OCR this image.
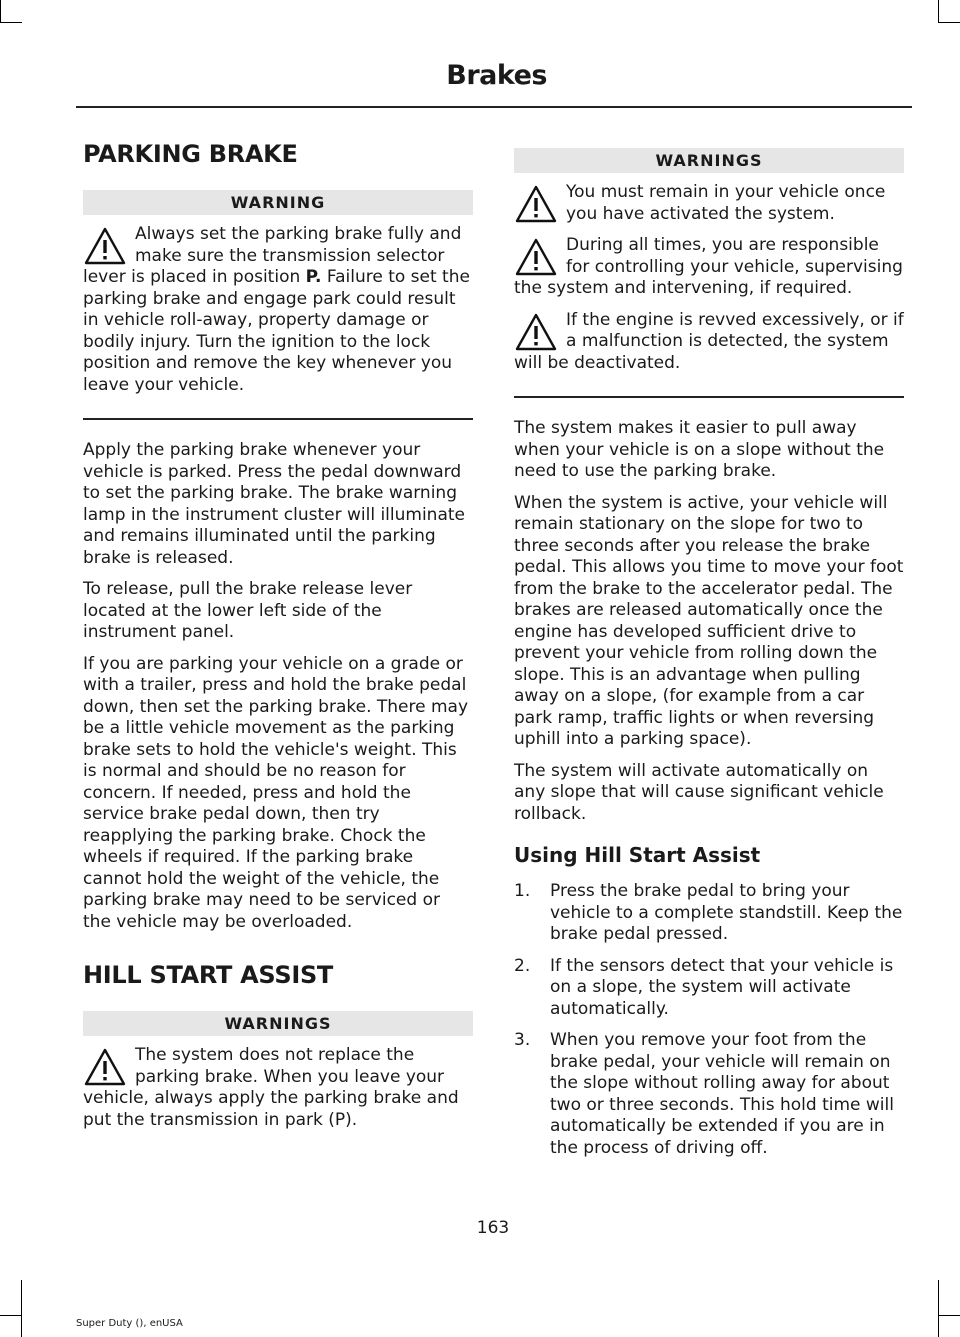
Brakes
PARKING BRAKE
WARNING
Always set the parking brake fully and make sure the transmission selector lever is placed in position P. Failure to set the parking brake and engage park could result in vehicle roll-away, property damage or bodily injury. Turn the ignition to the lock position and remove the key whenever you leave your vehicle.

Apply the parking brake whenever your vehicle is parked. Press the pedal downward to set the parking brake. The brake warning lamp in the instrument cluster will illuminate and remains illuminated until the parking brake is released.

To release, pull the brake release lever located at the lower left side of the instrument panel.

If you are parking your vehicle on a grade or with a trailer, press and hold the brake pedal down, then set the parking brake. There may be a little vehicle movement as the parking brake sets to hold the vehicle's weight. This is normal and should be no reason for concern. If needed, press and hold the service brake pedal down, then try reapplying the parking brake. Chock the wheels if required. If the parking brake cannot hold the weight of the vehicle, the parking brake may need to be serviced or the vehicle may be overloaded.

HILL START ASSIST
WARNINGS
The system does not replace the parking brake. When you leave your vehicle, always apply the parking brake and put the transmission in park (P).
WARNINGS
You must remain in your vehicle once you have activated the system.
During all times, you are responsible for controlling your vehicle, supervising the system and intervening, if required.
If the engine is revved excessively, or if a malfunction is detected, the system will be deactivated.

The system makes it easier to pull away when your vehicle is on a slope without the need to use the parking brake.

When the system is active, your vehicle will remain stationary on the slope for two to three seconds after you release the brake pedal. This allows you time to move your foot from the brake to the accelerator pedal. The brakes are released automatically once the engine has developed sufficient drive to prevent your vehicle from rolling down the slope. This is an advantage when pulling away on a slope, (for example from a car park ramp, traffic lights or when reversing uphill into a parking space).

The system will activate automatically on any slope that will cause significant vehicle rollback.

Using Hill Start Assist
1. Press the brake pedal to bring your vehicle to a complete standstill. Keep the brake pedal pressed.
2. If the sensors detect that your vehicle is on a slope, the system will activate automatically.
3. When you remove your foot from the brake pedal, your vehicle will remain on the slope without rolling away for about two or three seconds. This hold time will automatically be extended if you are in the process of driving off.
163
Super Duty (), enUSA
